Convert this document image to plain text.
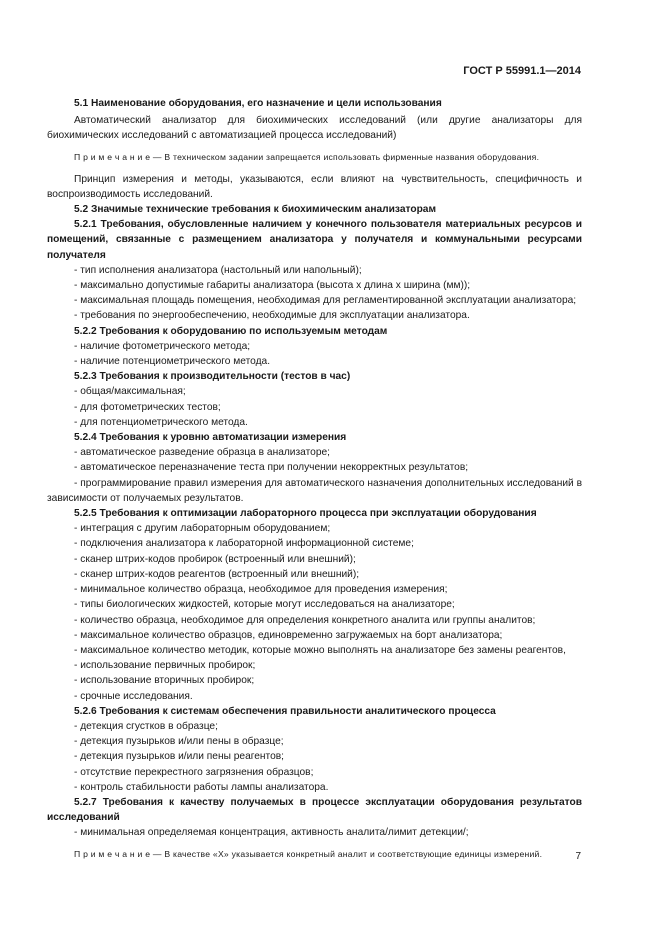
ГОСТ Р 55991.1—2014

5.1 Наименование оборудования, его назначение и цели использования

Автоматический анализатор для биохимических исследований (или другие анализаторы для биохимических исследований с автоматизацией процесса исследований)

П р и м е ч а н и е — В техническом задании запрещается использовать фирменные названия оборудования.

Принцип измерения и методы, указываются, если влияют на чувствительность, специфичность и воспроизводимость исследований.

5.2 Значимые технические требования к биохимическим анализаторам

5.2.1 Требования, обусловленные наличием у конечного пользователя материальных ресурсов и помещений, связанные с размещением анализатора у получателя и коммунальными ресурсами получателя

- тип исполнения анализатора (настольный или напольный);

- максимально допустимые габариты анализатора (высота х длина х ширина (мм));

- максимальная площадь помещения, необходимая для регламентированной эксплуатации анализатора;

- требования по энергообеспечению, необходимые для эксплуатации анализатора.

5.2.2 Требования к оборудованию по используемым методам

- наличие фотометрического метода;

- наличие потенциометрического метода.

5.2.3 Требования к производительности (тестов в час)

- общая/максимальная;

- для фотометрических тестов;

- для потенциометрического метода.

5.2.4 Требования к уровню автоматизации измерения

- автоматическое разведение образца в анализаторе;

- автоматическое переназначение теста при получении некорректных результатов;

- программирование правил измерения для автоматического назначения дополнительных исследований в зависимости от получаемых результатов.

5.2.5 Требования к оптимизации лабораторного процесса при эксплуатации оборудования

- интеграция с другим лабораторным оборудованием;

- подключения анализатора к лабораторной информационной системе;

- сканер штрих-кодов пробирок (встроенный или внешний);

- сканер штрих-кодов реагентов (встроенный или внешний);

- минимальное количество образца, необходимое для проведения измерения;

- типы биологических жидкостей, которые могут исследоваться на анализаторе;

- количество образца, необходимое для определения конкретного аналита или группы аналитов;

- максимальное количество образцов, единовременно загружаемых на борт анализатора;

- максимальное количество методик, которые можно выполнять на анализаторе без замены реагентов,

- использование первичных пробирок;

- использование вторичных пробирок;

- срочные исследования.

5.2.6 Требования к системам обеспечения правильности аналитического процесса

- детекция сгустков в образце;

- детекция пузырьков и/или пены в образце;

- детекция пузырьков и/или пены реагентов;

- отсутствие перекрестного загрязнения образцов;

- контроль стабильности работы лампы анализатора.

5.2.7 Требования к качеству получаемых в процессе эксплуатации оборудования результатов исследований

- минимальная определяемая концентрация, активность аналита/лимит детекции/;

П р и м е ч а н и е — В качестве «X» указывается конкретный аналит и соответствующие единицы измерений.	7
